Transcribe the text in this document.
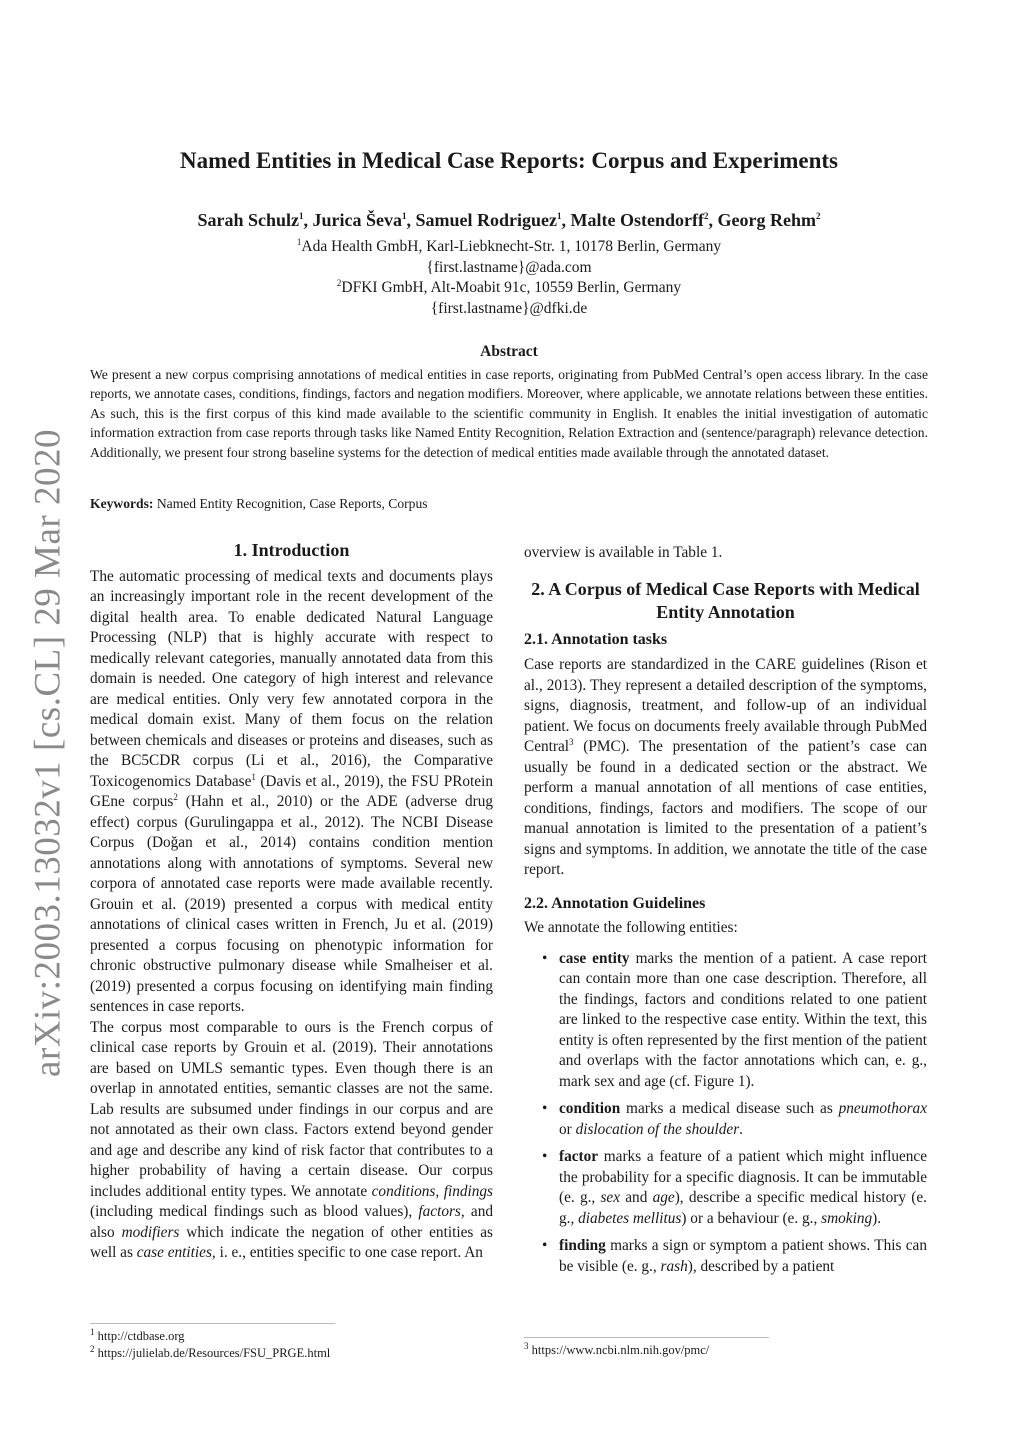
arXiv:2003.13032v1 [cs.CL] 29 Mar 2020
Named Entities in Medical Case Reports: Corpus and Experiments
Sarah Schulz$^1$, Jurica Ševa$^1$, Samuel Rodriguez$^1$, Malte Ostendorff$^2$, Georg Rehm$^2$
$^1$Ada Health GmbH, Karl-Liebknecht-Str. 1, 10178 Berlin, Germany
{first.lastname}@ada.com
$^2$DFKI GmbH, Alt-Moabit 91c, 10559 Berlin, Germany
{first.lastname}@dfki.de
Abstract
We present a new corpus comprising annotations of medical entities in case reports, originating from PubMed Central’s open access library. In the case reports, we annotate cases, conditions, findings, factors and negation modifiers. Moreover, where applicable, we annotate relations between these entities. As such, this is the first corpus of this kind made available to the scientific community in English. It enables the initial investigation of automatic information extraction from case reports through tasks like Named Entity Recognition, Relation Extraction and (sentence/paragraph) relevance detection. Additionally, we present four strong baseline systems for the detection of medical entities made available through the annotated dataset.
Keywords: Named Entity Recognition, Case Reports, Corpus
1. Introduction

The automatic processing of medical texts and documents plays an increasingly important role in the recent development of the digital health area. To enable dedicated Natural Language Processing (NLP) that is highly accurate with respect to medically relevant categories, manually annotated data from this domain is needed. One category of high interest and relevance are medical entities. Only very few annotated corpora in the medical domain exist. Many of them focus on the relation between chemicals and diseases or proteins and diseases, such as the BC5CDR corpus (Li et al., 2016), the Comparative Toxicogenomics Database$^1$ (Davis et al., 2019), the FSU PRotein GEne corpus$^2$ (Hahn et al., 2010) or the ADE (adverse drug effect) corpus (Gurulingappa et al., 2012). The NCBI Disease Corpus (Doğan et al., 2014) contains condition mention annotations along with annotations of symptoms. Several new corpora of annotated case reports were made available recently. Grouin et al. (2019) presented a corpus with medical entity annotations of clinical cases written in French, Ju et al. (2019) presented a corpus focusing on phenotypic information for chronic obstructive pulmonary disease while Smalheiser et al. (2019) presented a corpus focusing on identifying main finding sentences in case reports.

The corpus most comparable to ours is the French corpus of clinical case reports by Grouin et al. (2019). Their annotations are based on UMLS semantic types. Even though there is an overlap in annotated entities, semantic classes are not the same. Lab results are subsumed under findings in our corpus and are not annotated as their own class. Factors extend beyond gender and age and describe any kind of risk factor that contributes to a higher probability of having a certain disease. Our corpus includes additional entity types. We annotate conditions, findings (including medical findings such as blood values), factors, and also modifiers which indicate the negation of other entities as well as case entities, i. e., entities specific to one case report. An

$^1$ http://ctdbase.org
$^2$ https://julielab.de/Resources/FSU_PRGE.html

overview is available in Table 1.

2. A Corpus of Medical Case Reports with Medical Entity Annotation
2.1. Annotation tasks

Case reports are standardized in the CARE guidelines (Rison et al., 2013). They represent a detailed description of the symptoms, signs, diagnosis, treatment, and follow-up of an individual patient. We focus on documents freely available through PubMed Central$^3$ (PMC). The presentation of the patient’s case can usually be found in a dedicated section or the abstract. We perform a manual annotation of all mentions of case entities, conditions, findings, factors and modifiers. The scope of our manual annotation is limited to the presentation of a patient’s signs and symptoms. In addition, we annotate the title of the case report.

2.2. Annotation Guidelines

We annotate the following entities:

• case entity marks the mention of a patient. A case report can contain more than one case description. Therefore, all the findings, factors and conditions related to one patient are linked to the respective case entity. Within the text, this entity is often represented by the first mention of the patient and overlaps with the factor annotations which can, e. g., mark sex and age (cf. Figure 1).
• condition marks a medical disease such as pneumothorax or dislocation of the shoulder.
• factor marks a feature of a patient which might influence the probability for a specific diagnosis. It can be immutable (e. g., sex and age), describe a specific medical history (e. g., diabetes mellitus) or a behaviour (e. g., smoking).
• finding marks a sign or symptom a patient shows. This can be visible (e. g., rash), described by a patient
$^3$ https://www.ncbi.nlm.nih.gov/pmc/
